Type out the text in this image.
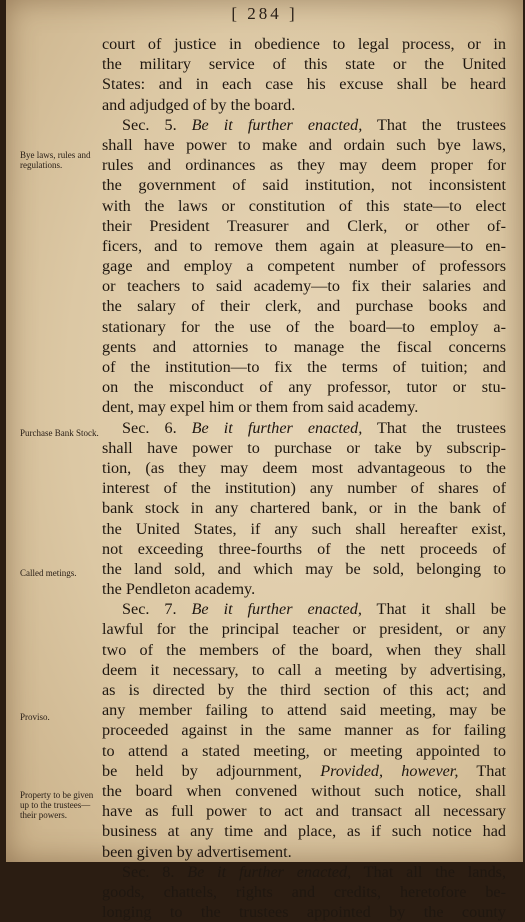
[ 284 ]
Bye laws, rules and regulations.
Purchase Bank Stock.
Called metings.
Proviso.
Property to be given up to the trustees—their powers.
court of justice in obedience to legal process, or in
the military service of this state or the United
States: and in each case his excuse shall be heard
and adjudged of by the board.
Sec. 5. Be it further enacted, That the trustees
shall have power to make and ordain such bye laws,
rules and ordinances as they may deem proper for
the government of said institution, not inconsistent
with the laws or constitution of this state—to elect
their President Treasurer and Clerk, or other of-
ficers, and to remove them again at pleasure—to en-
gage and employ a competent number of professors
or teachers to said academy—to fix their salaries and
the salary of their clerk, and purchase books and
stationary for the use of the board—to employ a-
gents and attornies to manage the fiscal concerns
of the institution—to fix the terms of tuition; and
on the misconduct of any professor, tutor or stu-
dent, may expel him or them from said academy.
Sec. 6. Be it further enacted, That the trustees
shall have power to purchase or take by subscrip-
tion, (as they may deem most advantageous to the
interest of the institution) any number of shares of
bank stock in any chartered bank, or in the bank of
the United States, if any such shall hereafter exist,
not exceeding three-fourths of the nett proceeds of
the land sold, and which may be sold, belonging to
the Pendleton academy.
Sec. 7. Be it further enacted, That it shall be
lawful for the principal teacher or president, or any
two of the members of the board, when they shall
deem it necessary, to call a meeting by advertising,
as is directed by the third section of this act; and
any member failing to attend said meeting, may be
proceeded against in the same manner as for failing
to attend a stated meeting, or meeting appointed to
be held by adjournment, Provided, however, That
the board when convened without such notice, shall
have as full power to act and transact all necessary
business at any time and place, as if such notice had
been given by advertisement.
Sec. 8. Be it further enacted, That all the lands,
goods, chattels, rights and credits, heretofore be-
longing to the trustees appointed by the county
